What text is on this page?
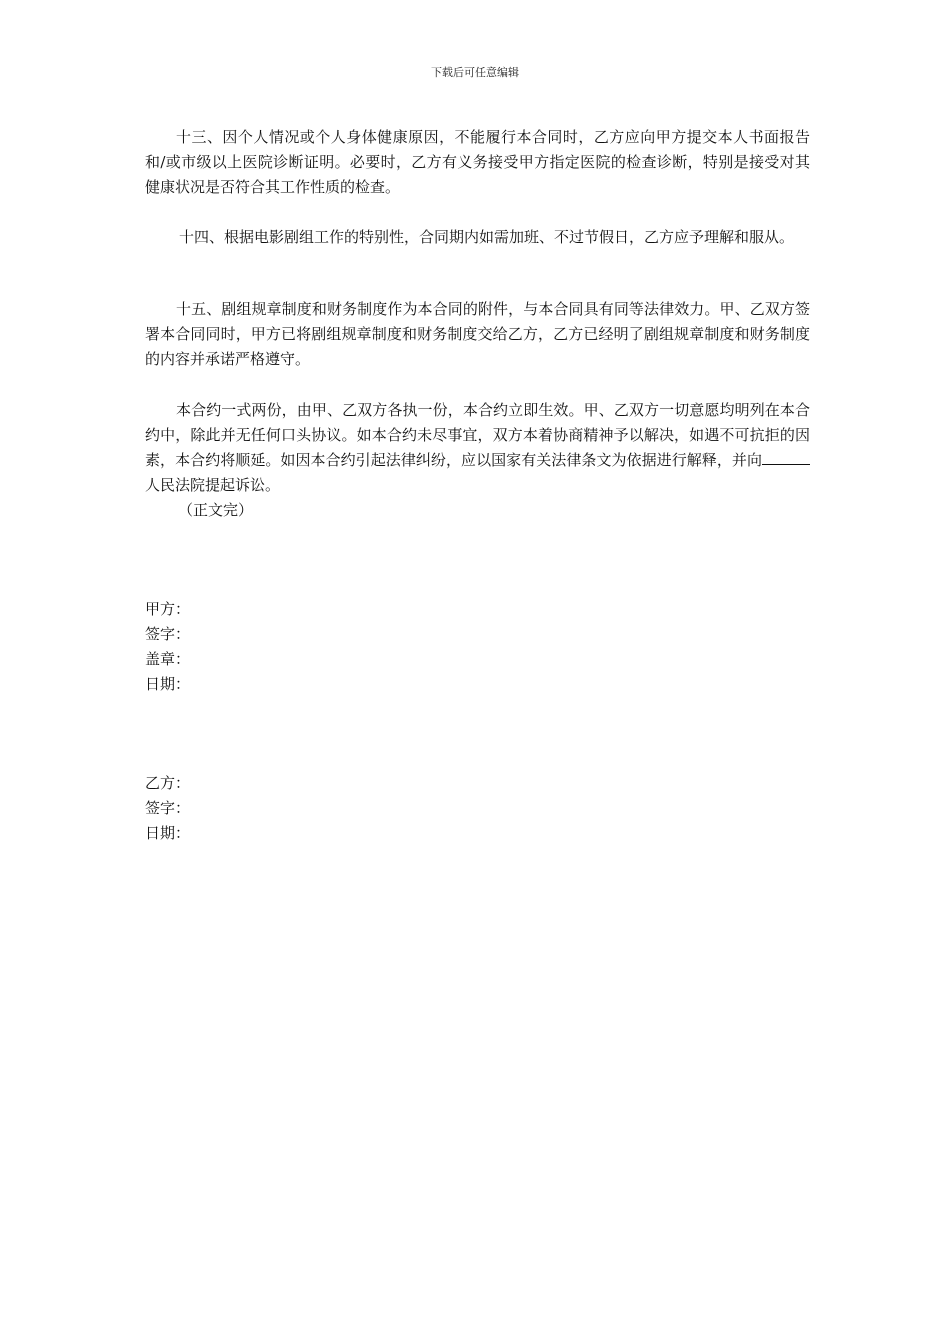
下载后可任意编辑

十三、因个人情况或个人身体健康原因，不能履行本合同时，乙方应向甲方提交本人书面报告和/或市级以上医院诊断证明。必要时，乙方有义务接受甲方指定医院的检查诊断，特别是接受对其健康状况是否符合其工作性质的检查。

十四、根据电影剧组工作的特别性，合同期内如需加班、不过节假日，乙方应予理解和服从。

十五、剧组规章制度和财务制度作为本合同的附件，与本合同具有同等法律效力。甲、乙双方签署本合同同时，甲方已将剧组规章制度和财务制度交给乙方，乙方已经明了剧组规章制度和财务制度的内容并承诺严格遵守。

本合约一式两份，由甲、乙双方各执一份，本合约立即生效。甲、乙双方一切意愿均明列在本合约中，除此并无任何口头协议。如本合约未尽事宜，双方本着协商精神予以解决，如遇不可抗拒的因素，本合约将顺延。如因本合约引起法律纠纷，应以国家有关法律条文为依据进行解释，并向人民法院提起诉讼。

（正文完）
甲方：
签字：
盖章：
日期：
乙方：
签字：
日期：
